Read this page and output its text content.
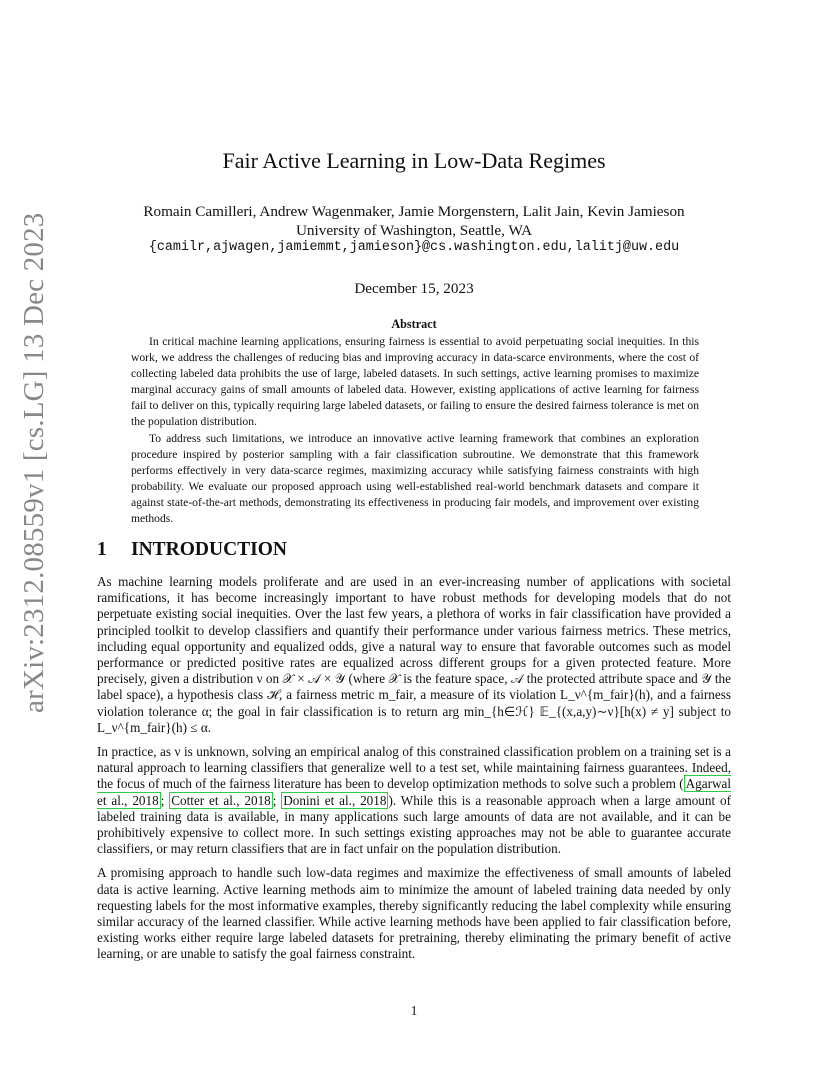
arXiv:2312.08559v1 [cs.LG] 13 Dec 2023
Fair Active Learning in Low-Data Regimes
Romain Camilleri, Andrew Wagenmaker, Jamie Morgenstern, Lalit Jain, Kevin Jamieson
University of Washington, Seattle, WA
{camilr,ajwagen,jamiemmt,jamieson}@cs.washington.edu,lalitj@uw.edu
December 15, 2023
Abstract

In critical machine learning applications, ensuring fairness is essential to avoid perpetuating social inequities. In this work, we address the challenges of reducing bias and improving accuracy in data-scarce environments, where the cost of collecting labeled data prohibits the use of large, labeled datasets. In such settings, active learning promises to maximize marginal accuracy gains of small amounts of labeled data. However, existing applications of active learning for fairness fail to deliver on this, typically requiring large labeled datasets, or failing to ensure the desired fairness tolerance is met on the population distribution.

To address such limitations, we introduce an innovative active learning framework that combines an exploration procedure inspired by posterior sampling with a fair classification subroutine. We demonstrate that this framework performs effectively in very data-scarce regimes, maximizing accuracy while satisfying fairness constraints with high probability. We evaluate our proposed approach using well-established real-world benchmark datasets and compare it against state-of-the-art methods, demonstrating its effectiveness in producing fair models, and improvement over existing methods.

1 INTRODUCTION

As machine learning models proliferate and are used in an ever-increasing number of applications with societal ramifications, it has become increasingly important to have robust methods for developing models that do not perpetuate existing social inequities. Over the last few years, a plethora of works in fair classification have provided a principled toolkit to develop classifiers and quantify their performance under various fairness metrics. These metrics, including equal opportunity and equalized odds, give a natural way to ensure that favorable outcomes such as model performance or predicted positive rates are equalized across different groups for a given protected feature. More precisely, given a distribution ν on 𝒳 × 𝒜 × 𝒴 (where 𝒳 is the feature space, 𝒜 the protected attribute space and 𝒴 the label space), a hypothesis class ℋ, a fairness metric m_fair, a measure of its violation L_ν^{m_fair}(h), and a fairness violation tolerance α; the goal in fair classification is to return arg min_{h∈ℋ} 𝔼_{(x,a,y)∼ν}[h(x) ≠ y] subject to L_ν^{m_fair}(h) ≤ α.

In practice, as ν is unknown, solving an empirical analog of this constrained classification problem on a training set is a natural approach to learning classifiers that generalize well to a test set, while maintaining fairness guarantees. Indeed, the focus of much of the fairness literature has been to develop optimization methods to solve such a problem ( Agarwal et al., 2018 ; Cotter et al., 2018 ; Donini et al., 2018 ). While this is a reasonable approach when a large amount of labeled training data is available, in many applications such large amounts of data are not available, and it can be prohibitively expensive to collect more. In such settings existing approaches may not be able to guarantee accurate classifiers, or may return classifiers that are in fact unfair on the population distribution.

A promising approach to handle such low-data regimes and maximize the effectiveness of small amounts of labeled data is active learning. Active learning methods aim to minimize the amount of labeled training data needed by only requesting labels for the most informative examples, thereby significantly reducing the label complexity while ensuring similar accuracy of the learned classifier. While active learning methods have been applied to fair classification before, existing works either require large labeled datasets for pretraining, thereby eliminating the primary benefit of active learning, or are unable to satisfy the goal fairness constraint.

1
